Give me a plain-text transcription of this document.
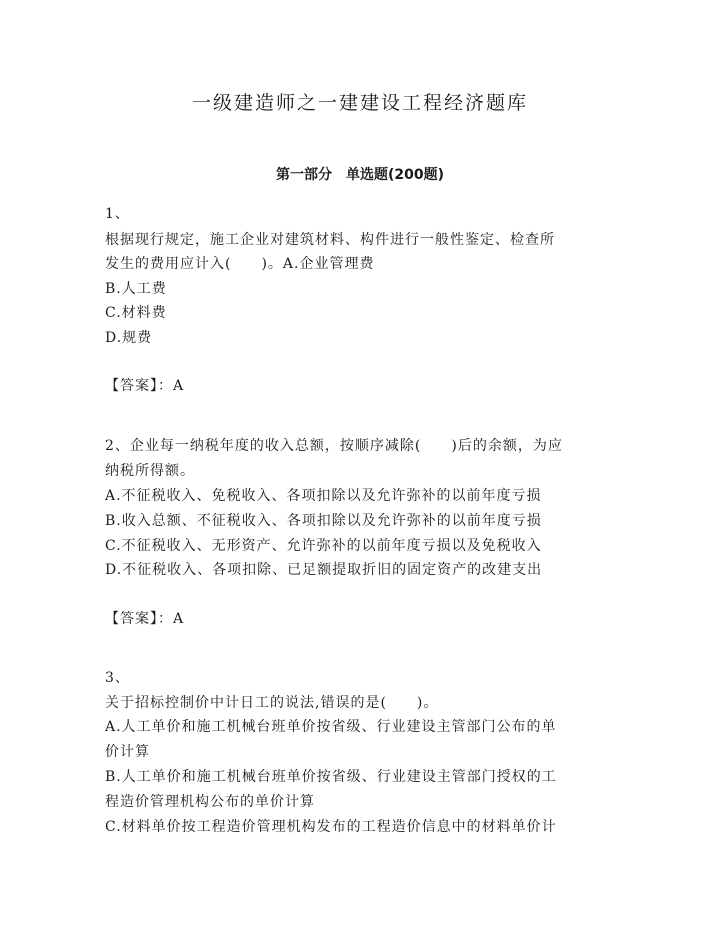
一级建造师之一建建设工程经济题库
第一部分　单选题(200题)
1、
根据现行规定，施工企业对建筑材料、构件进行一般性鉴定、检查所
发生的费用应计入(　　)。A.企业管理费
B.人工费
C.材料费
D.规费
【答案】：A
2、企业每一纳税年度的收入总额，按顺序减除(　　)后的余额，为应
纳税所得额。
A.不征税收入、免税收入、各项扣除以及允许弥补的以前年度亏损
B.收入总额、不征税收入、各项扣除以及允许弥补的以前年度亏损
C.不征税收入、无形资产、允许弥补的以前年度亏损以及免税收入
D.不征税收入、各项扣除、已足额提取折旧的固定资产的改建支出
【答案】：A
3、
关于招标控制价中计日工的说法,错误的是(　　)。
A.人工单价和施工机械台班单价按省级、行业建设主管部门公布的单
价计算
B.人工单价和施工机械台班单价按省级、行业建设主管部门授权的工
程造价管理机构公布的单价计算
C.材料单价按工程造价管理机构发布的工程造价信息中的材料单价计
